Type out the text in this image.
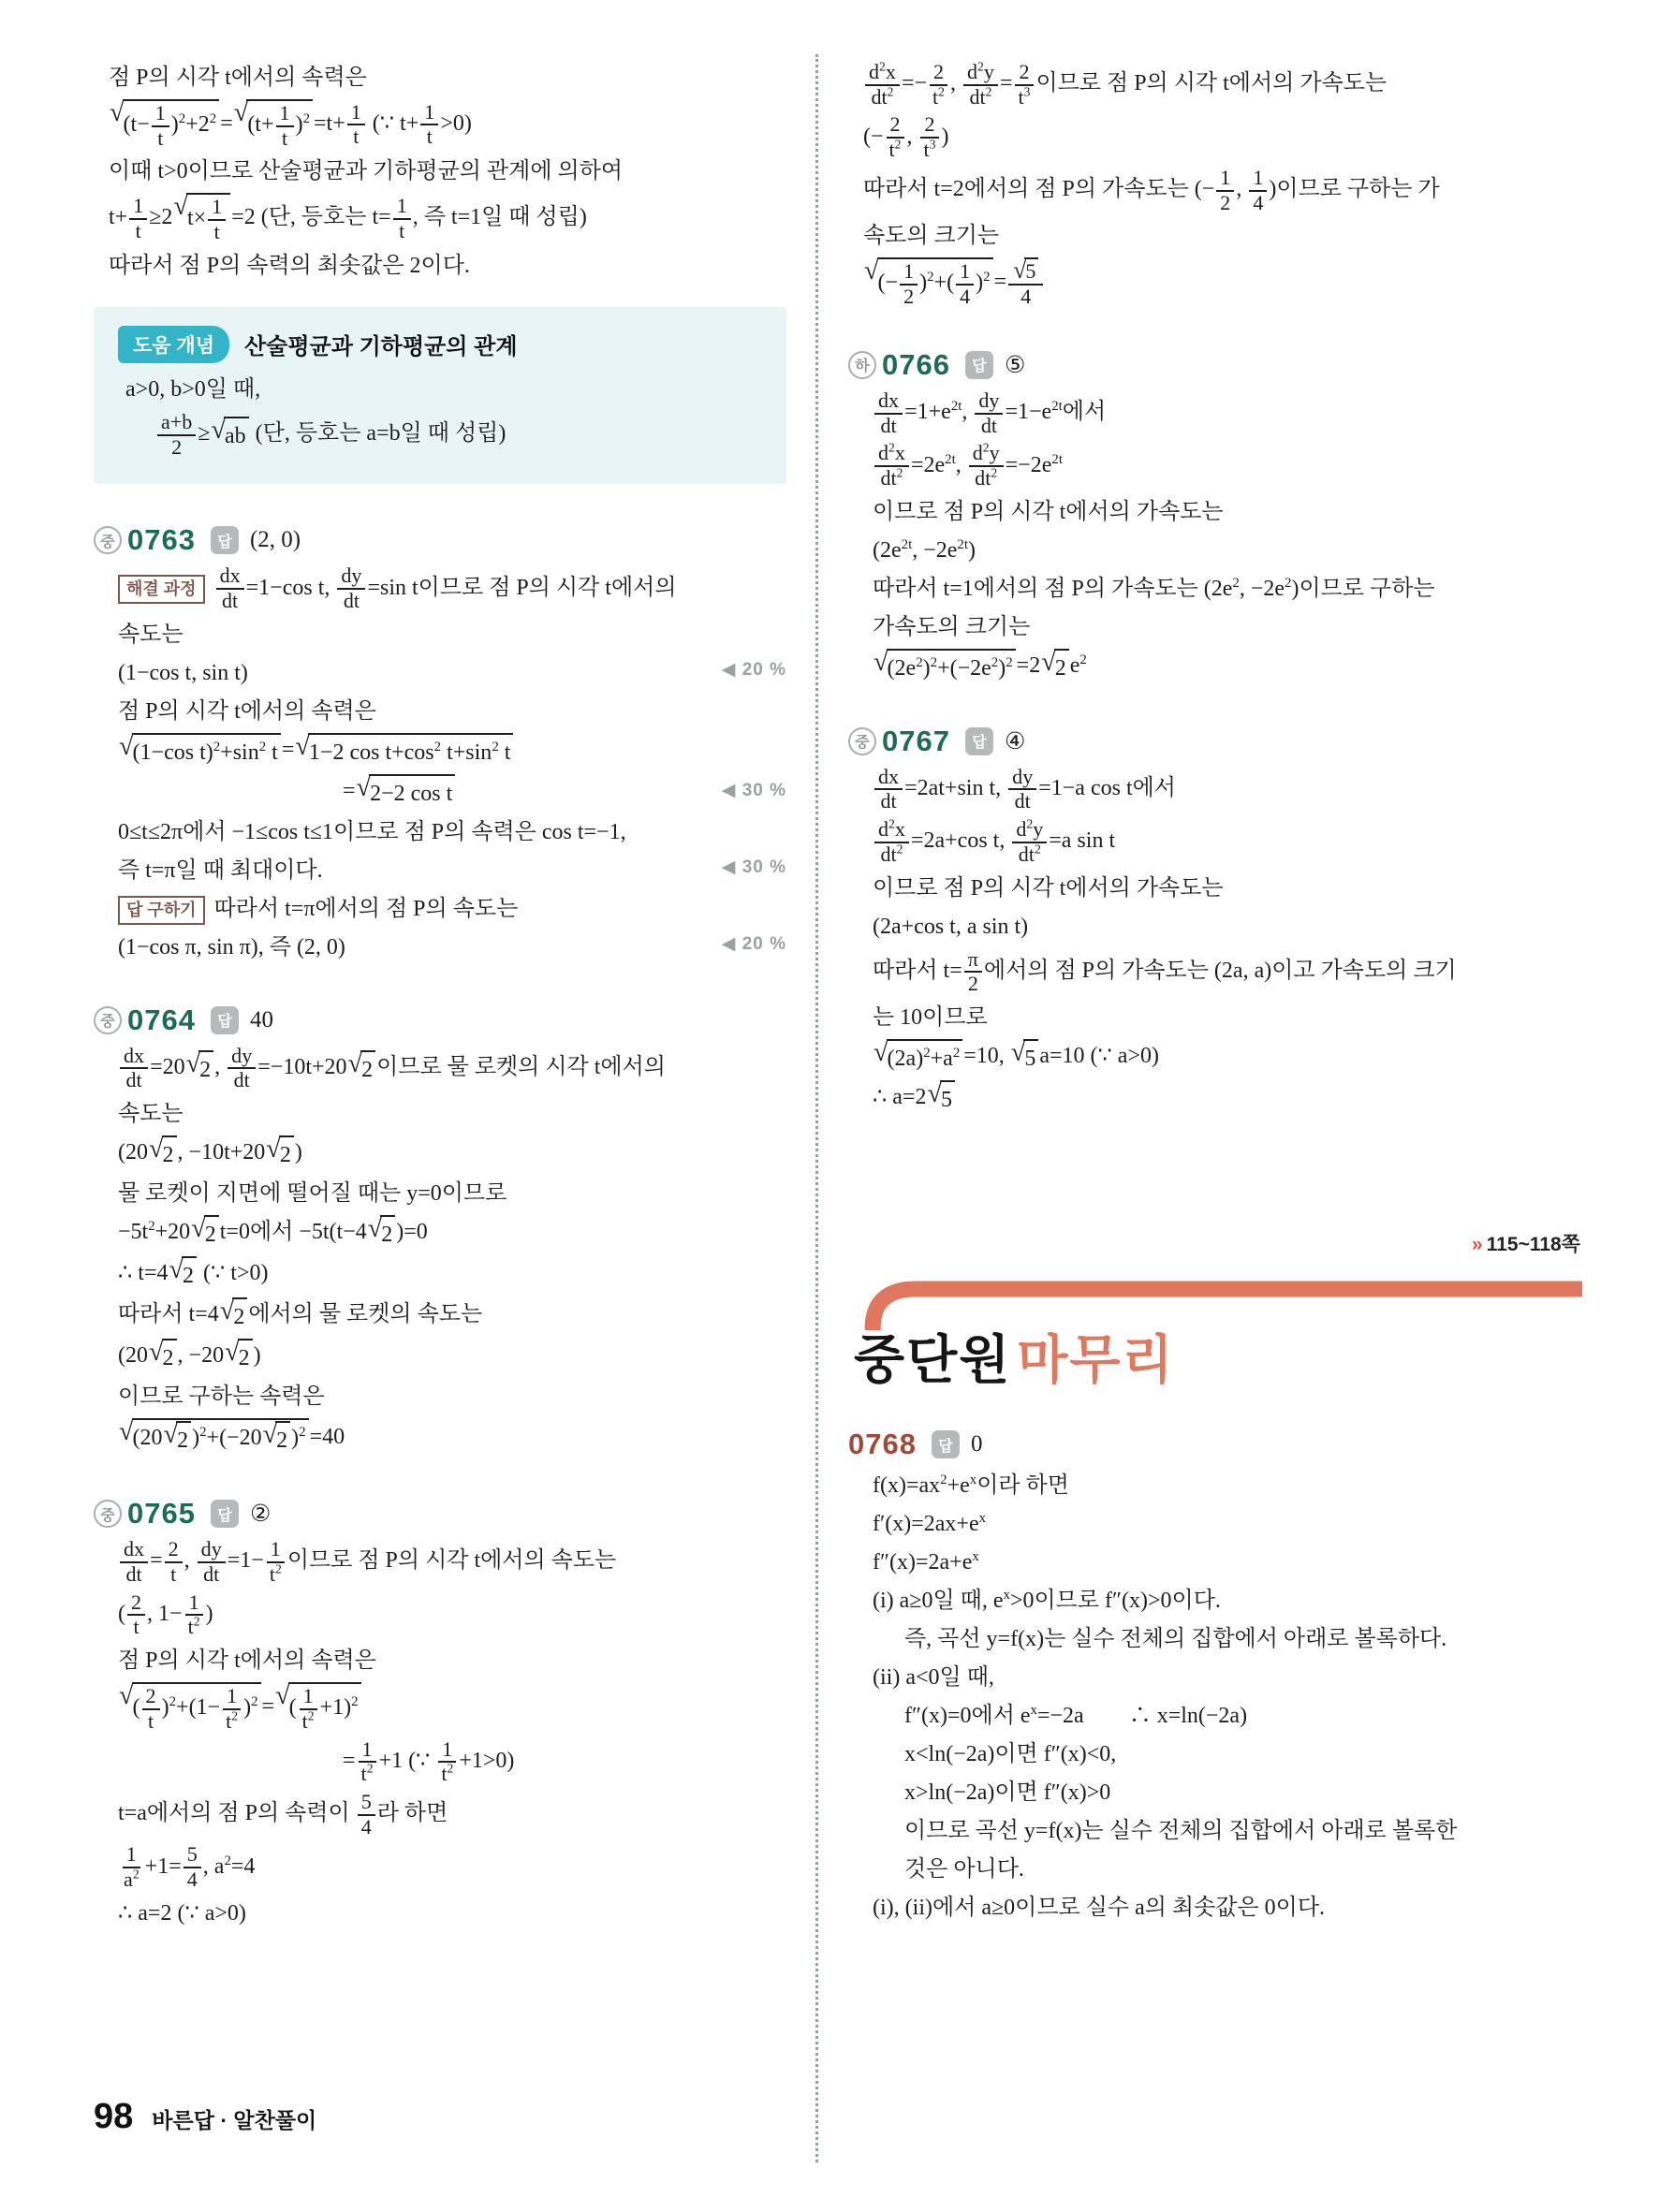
점 P의 시각 t에서의 속력은
√ $(t- \frac{1}{t} )^2+2^2$ = √ $(t+ \frac{1}{t} )^2 =t+ \frac{1}{t}$ (∵ $t+ \frac{1}{t} >0$)
이때 t>0이므로 산술평균과 기하평균의 관계에 의하여
$t+ \frac{1}{t} \ge 2$ √ $t\times \frac{1}{t} =2$ (단, 등호는 $t= \frac{1}{t}$ , 즉 t=1일 때 성립)
따라서 점 P의 속력의 최솟값은 2이다.
도움 개념	산술평균과 기하평균의 관계
a>0, b>0일 때,
$\frac{a+b}{2}$ ≥ √ ab (단, 등호는 a=b일 때 성립)
중 0763	답 (2, 0)
해결 과정 $\frac{dx}{dt} =1-\cos$ t, $\frac{dy}{dt} =\sin$ t이므로 점 P의 시각 t에서의
속도는
(1−cos t, sin t)	◀ 20 %
점 P의 시각 t에서의 속력은
√ (1−cos $t)^2+\sin^2$ t = √ 1−2 $\cos t+\cos^2$ $t+\sin^2$ t
= √ 2−2 cos t	◀ 30 %
0≤t≤2π에서 −1≤cos t≤1이므로 점 P의 속력은 cos t=−1,
즉 t=π일 때 최대이다.	◀ 30 %
답 구하기 따라서 t=π에서의 점 P의 속도는
(1−cos π, sin π), 즉 (2, 0)	◀ 20 %
중 0764	답 40
$\frac{dx}{dt} =20$ √ 2 , $\frac{dy}{dt} =-10t+20$ √ 2 이므로 물 로켓의 시각 t에서의
속도는
(20 √ 2 , −10t+20 √ 2 )
물 로켓이 지면에 떨어질 때는 y=0이므로
$-5t^2+20$ √ 2 t=0에서 −5t(t−4 √ 2 )=0
∴ t=4 √ 2 (∵ t>0)
따라서 t=4 √ 2 에서의 물 로켓의 속도는
(20 √ 2 , −20 √ 2 )
이므로 구하는 속력은
√ (20 √ 2 )$^2$+(−20 √ 2 )$^2$ =40
중 0765	답 ②
$\frac{dx}{dt} = \frac{2}{t}$ , $\frac{dy}{dt} =1- \frac{1}{t^2}$ 이므로 점 P의 시각 t에서의 속도는
( $\frac{2}{t}$ , $1- \frac{1}{t^2}$ )
점 P의 시각 t에서의 속력은
√ ( $\frac{2}{t} )^2+(1- \frac{1}{t^2} )^2$ = √ ( $\frac{1}{t^2} +1)^2$
= $\frac{1}{t^2} +1$ (∵ $\frac{1}{t^2} +1>0$)
t=a에서의 점 P의 속력이 $\frac{5}{4}$ 라 하면
$\frac{1}{a^2} +1= \frac{5}{4}$ , $a^2=4$
∴ a=2 (∵ a>0)
$\frac{d^2x}{dt^2} =- \frac{2}{t^2}$ , $\frac{d^2y}{dt^2} = \frac{2}{t^3}$ 이므로 점 P의 시각 t에서의 가속도는
(− $\frac{2}{t^2}$ , $\frac{2}{t^3}$ )
따라서 t=2에서의 점 P의 가속도는 (− $\frac{1}{2}$ , $\frac{1}{4}$ )이므로 구하는 가
속도의 크기는
√ (− $\frac{1}{2} )^2+( \frac{1}{4} )^2 = \frac{√ 5}{4}$
하 0766	답 ⑤
$\frac{dx}{dt} =1+e^{2t}$, $\frac{dy}{dt} =1-e^{2t}$에서
$\frac{d^2x}{dt^2} =2e^{2t}$, $\frac{d^2y}{dt^2} =-2e^{2t}$
이므로 점 P의 시각 t에서의 가속도는
($2e^{2t}$, $-2e^{2t}$)
따라서 t=1에서의 점 P의 가속도는 ($2e^2$, $-2e^2$)이므로 구하는
가속도의 크기는
√ $(2e^2)^2+(-2e^2)^2 =2$ √ 2 $e^2$
중 0767	답 ④
$\frac{dx}{dt} =2at+\sin$ t, $\frac{dy}{dt} =1-a$ cos t에서
$\frac{d^2x}{dt^2} =2a+\cos$ t, $\frac{d^2y}{dt^2} =a$ sin t
이므로 점 P의 시각 t에서의 가속도는
(2a+cos t, a sin t)
따라서 $t= \frac{\pi}{2}$ 에서의 점 P의 가속도는 (2a, a)이고 가속도의 크기
는 10이므로
√ $(2a)^2+a^2 =10$, √ 5 a=10 (∵ a>0)
∴ a=2 √ 5
» 115~118쪽
중단원 마무리
0768	답 0
$f(x)=ax^2+e^x$이라 하면
$f'(x)=2ax+e^x$
$f''(x)=2a+e^x$
(i) a≥0일 때, $e^x>0$이므로 f″(x)>0이다.
즉, 곡선 y=f(x)는 실수 전체의 집합에서 아래로 볼록하다.
(ii) a<0일 때,
f″(x)=0에서 $e^x=-2a$　　∴ x=ln(−2a)
x<ln(−2a)이면 f″(x)<0,
x>ln(−2a)이면 f″(x)>0
이므로 곡선 y=f(x)는 실수 전체의 집합에서 아래로 볼록한
것은 아니다.
(i), (ii)에서 a≥0이므로 실수 a의 최솟값은 0이다.
98 바른답 · 알찬풀이
